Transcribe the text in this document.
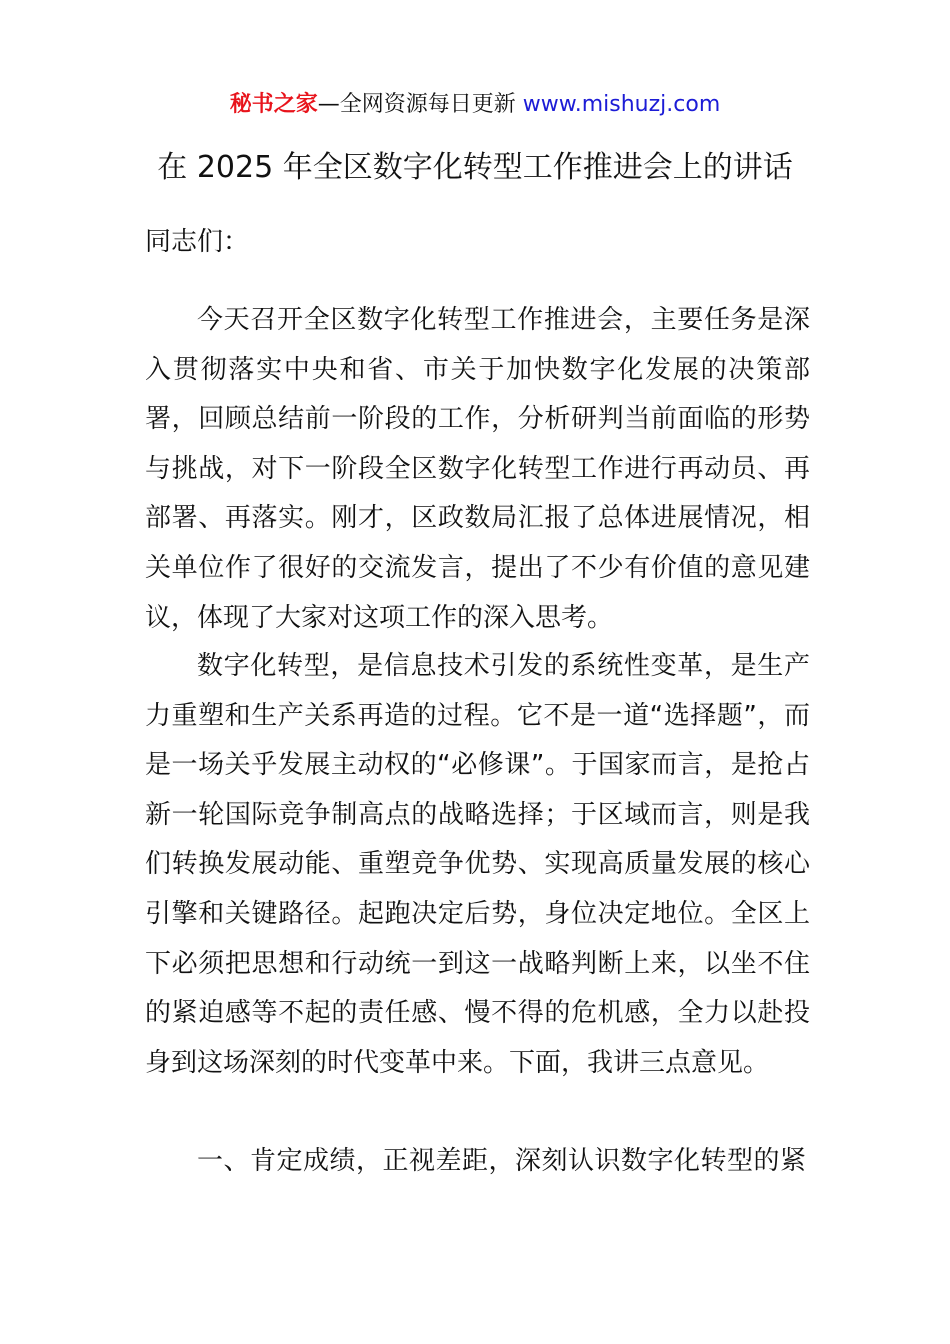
秘书之家—全网资源每日更新 www.mishuzj.com
在 2025 年全区数字化转型工作推进会上的讲话
同志们：

今天召开全区数字化转型工作推进会，主要任务是深入贯彻落实中央和省、市关于加快数字化发展的决策部署，回顾总结前一阶段的工作，分析研判当前面临的形势与挑战，对下一阶段全区数字化转型工作进行再动员、再部署、再落实。刚才，区政数局汇报了总体进展情况，相关单位作了很好的交流发言，提出了不少有价值的意见建议，体现了大家对这项工作的深入思考。

数字化转型，是信息技术引发的系统性变革，是生产力重塑和生产关系再造的过程。它不是一道“选择题”，而是一场关乎发展主动权的“必修课”。于国家而言，是抢占新一轮国际竞争制高点的战略选择；于区域而言，则是我们转换发展动能、重塑竞争优势、实现高质量发展的核心引擎和关键路径。起跑决定后势，身位决定地位。全区上下必须把思想和行动统一到这一战略判断上来，以坐不住的紧迫感等不起的责任感、慢不得的危机感，全力以赴投身到这场深刻的时代变革中来。下面，我讲三点意见。

一、肯定成绩，正视差距，深刻认识数字化转型的紧
